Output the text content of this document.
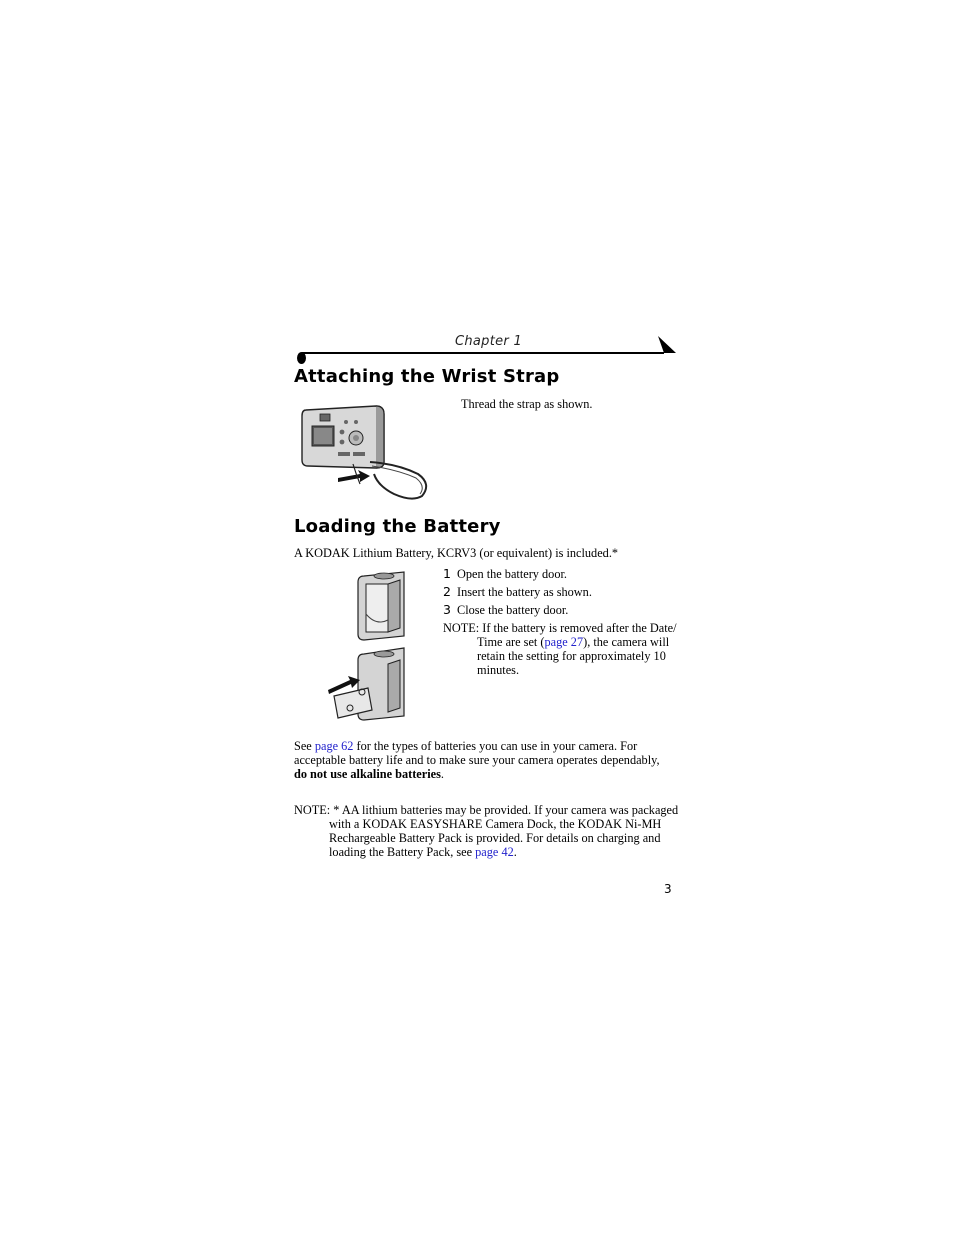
Chapter 1
Attaching the Wrist Strap
Thread the strap as shown.
Loading the Battery
A KODAK Lithium Battery, KCRV3 (or equivalent) is included.*
1 Open the battery door.
2 Insert the battery as shown.
3 Close the battery door.
NOTE: If the battery is removed after the Date/
Time are set (page 27), the camera will
retain the setting for approximately 10
minutes.
See page 62 for the types of batteries you can use in your camera. For
acceptable battery life and to make sure your camera operates dependably,
do not use alkaline batteries.
NOTE: * AA lithium batteries may be provided. If your camera was packaged
with a KODAK EASYSHARE Camera Dock, the KODAK Ni-MH
Rechargeable Battery Pack is provided. For details on charging and
loading the Battery Pack, see page 42.
3
